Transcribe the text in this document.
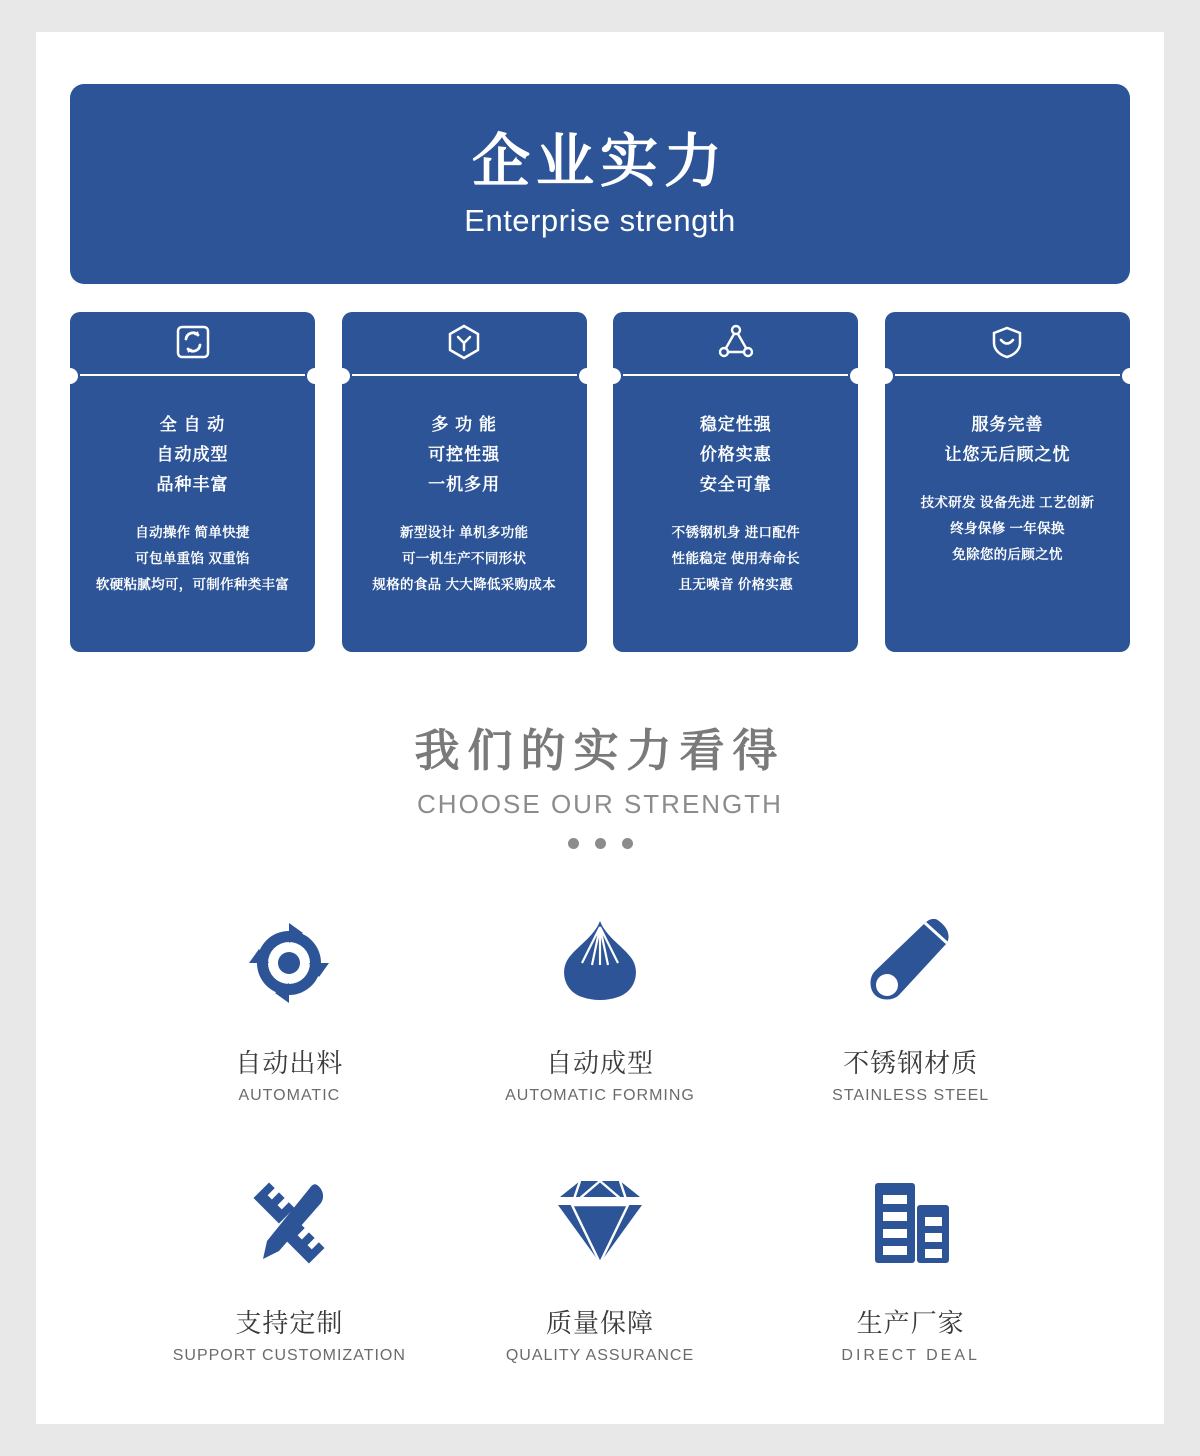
企业实力
Enterprise strength
全 自 动
自动成型
品种丰富
自动操作 简单快捷
可包单重馅 双重馅
软硬粘腻均可，可制作种类丰富
多 功 能
可控性强
一机多用
新型设计 单机多功能
可一机生产不同形状
规格的食品 大大降低采购成本
稳定性强
价格实惠
安全可靠
不锈钢机身 进口配件
性能稳定 使用寿命长
且无噪音 价格实惠
服务完善
让您无后顾之忧
技术研发 设备先进 工艺创新
终身保修 一年保换
免除您的后顾之忧
我们的实力看得
CHOOSE OUR STRENGTH
自动出料
AUTOMATIC
自动成型
AUTOMATIC FORMING
不锈钢材质
STAINLESS STEEL
支持定制
SUPPORT CUSTOMIZATION
质量保障
QUALITY ASSURANCE
生产厂家
DIRECT DEAL
